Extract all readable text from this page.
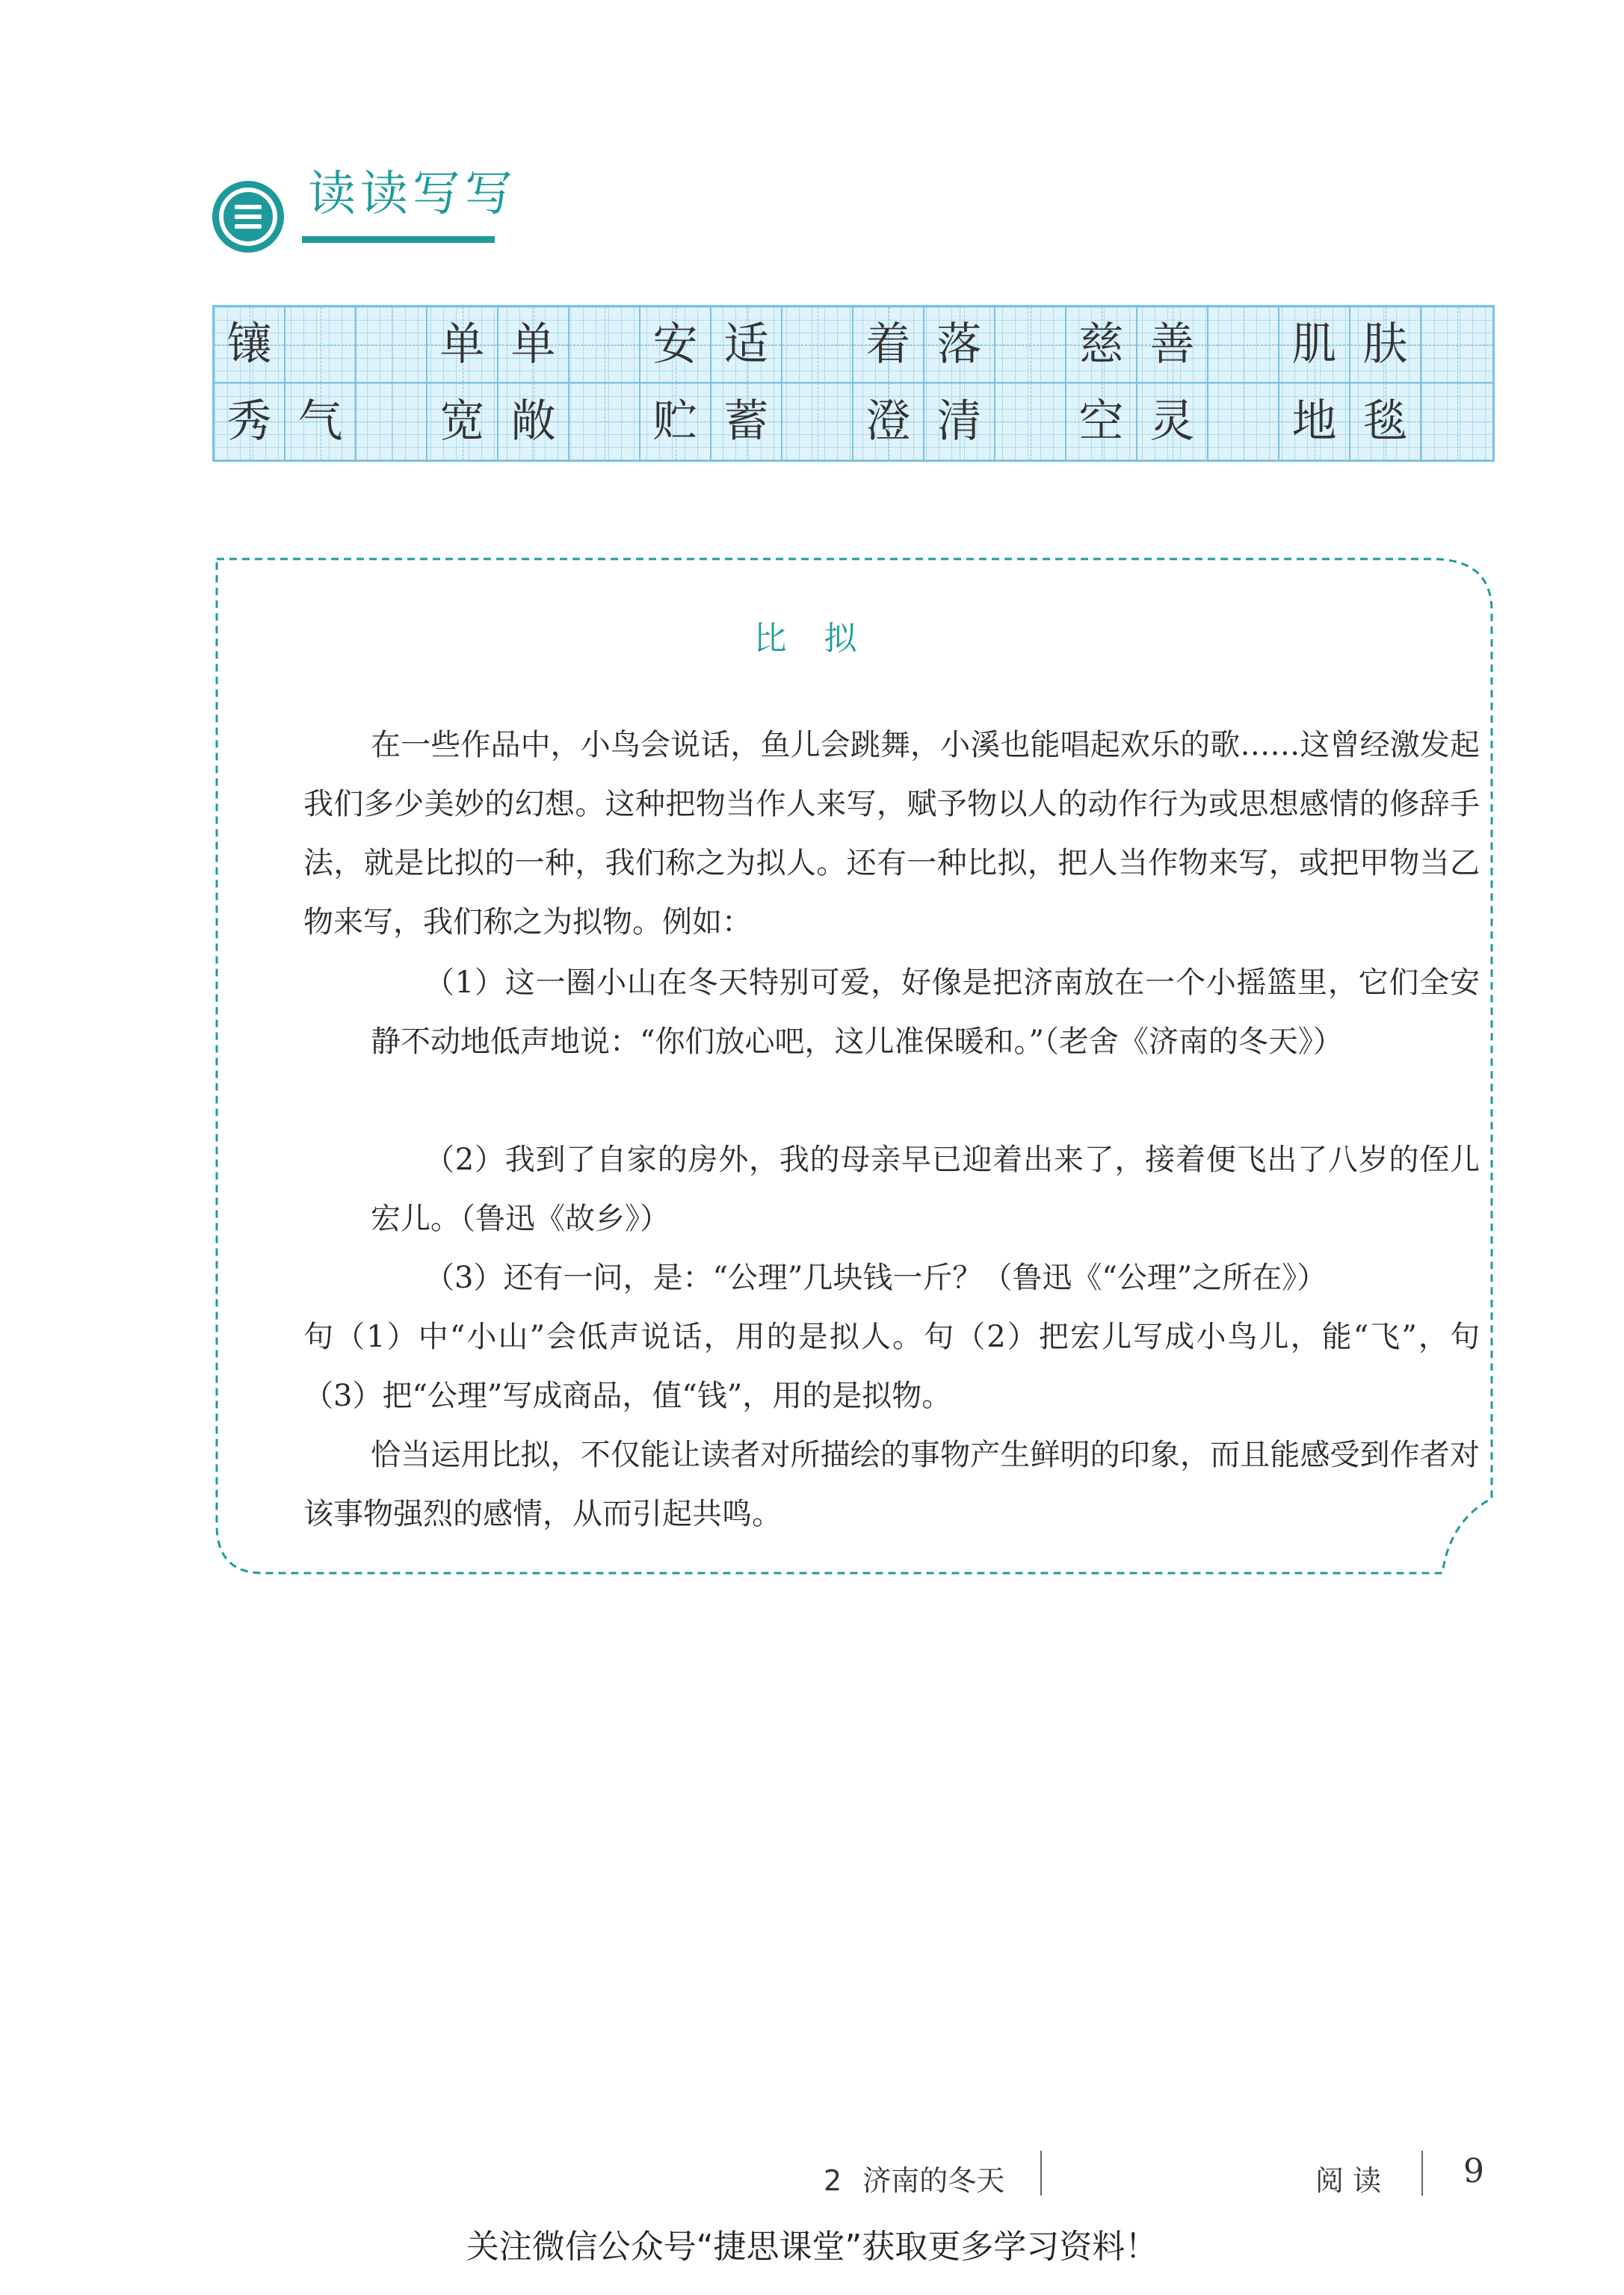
读读写写
镶	单 单 安 适 着 落 慈 善 肌 肤
秀 气 宽 敞 贮 蓄 澄 清 空 灵 地 毯
比 拟

在一些作品中，小鸟会说话，鱼儿会跳舞，小溪也能唱起欢乐的歌……这曾经激发起我们多少美妙的幻想。这种把物当作人来写，赋予物以人的动作行为或思想感情的修辞手法，就是比拟的一种，我们称之为拟人。还有一种比拟，把人当作物来写，或把甲物当乙物来写，我们称之为拟物。例如：

（1）这一圈小山在冬天特别可爱，好像是把济南放在一个小摇篮里，它们全安静不动地低声地说：“你们放心吧，这儿准保暖和。”（老舍《济南的冬天》）

（2）我到了自家的房外，我的母亲早已迎着出来了，接着便飞出了八岁的侄儿宏儿。（鲁迅《故乡》）

（3）还有一问，是：“公理”几块钱一斤？（鲁迅《“公理”之所在》）

句（1）中“小山”会低声说话，用的是拟人。句（2）把宏儿写成小鸟儿，能“飞”，句（3）把“公理”写成商品，值“钱”，用的是拟物。

恰当运用比拟，不仅能让读者对所描绘的事物产生鲜明的印象，而且能感受到作者对该事物强烈的感情，从而引起共鸣。

2 济南的冬天	阅读 9
关注微信公众号“捷思课堂”获取更多学习资料！
